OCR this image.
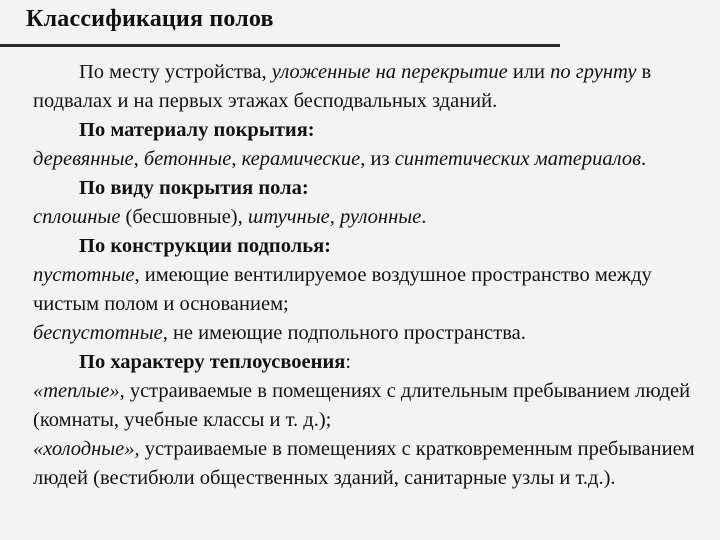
Классификация полов

По месту устройства, уложенные на перекрытие или по грунту в подвалах и на первых этажах бесподвальных зданий.

По материалу покрытия:

деревянные, бетонные, керамические, из синтетических материалов.

По виду покрытия пола:

сплошные (бесшовные), штучные, рулонные.

По конструкции подполья:

пустотные, имеющие вентилируемое воздушное пространство между чистым полом и основанием;

беспустотные, не имеющие подпольного пространства.

По характеру теплоусвоения:

«теплые», устраиваемые в помещениях с длительным пребыванием людей (комнаты, учебные классы и т. д.);

«холодные», устраиваемые в помещениях с кратковременным пребыванием людей (вестибюли общественных зданий, санитарные узлы и т.д.).
